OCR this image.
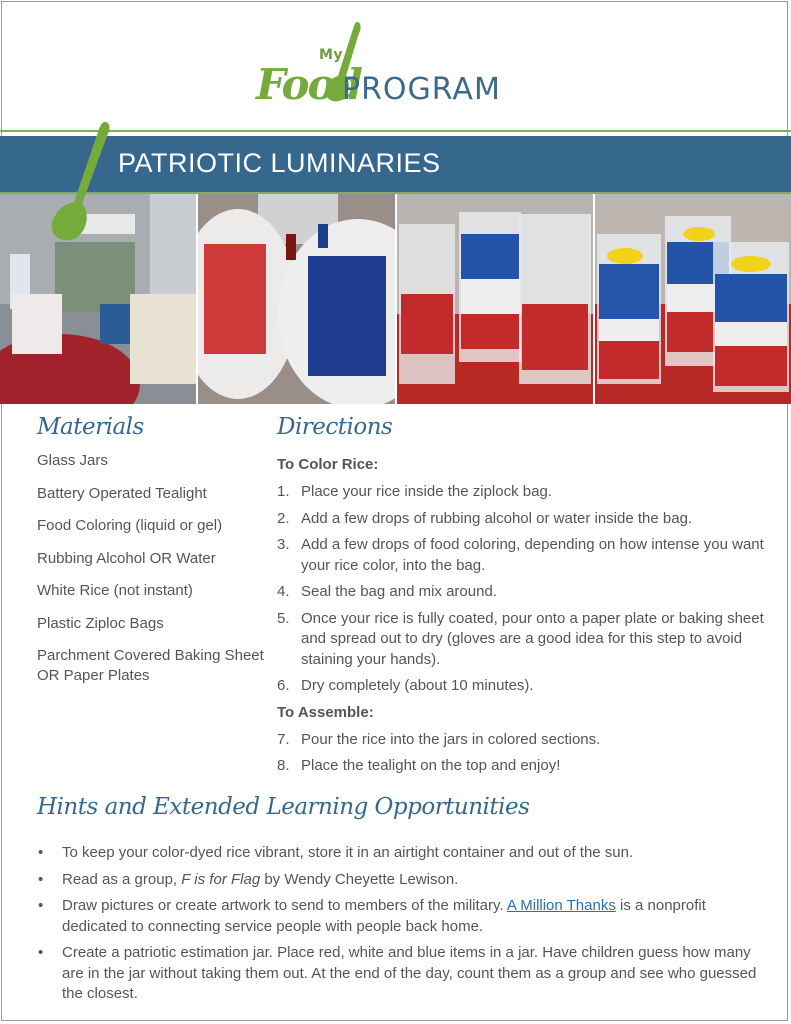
My
Food
PROGRAM
PATRIOTIC LUMINARIES
Materials
Glass Jars
Battery Operated Tealight
Food Coloring (liquid or gel)
Rubbing Alcohol OR Water
White Rice (not instant)
Plastic Ziploc Bags
Parchment Covered Baking Sheet OR Paper Plates
Directions
To Color Rice:
1. Place your rice inside the ziplock bag.
2. Add a few drops of rubbing alcohol or water inside the bag.
3. Add a few drops of food coloring, depending on how intense you want your rice color, into the bag.
4. Seal the bag and mix around.
5. Once your rice is fully coated, pour onto a paper plate or baking sheet and spread out to dry (gloves are a good idea for this step to avoid staining your hands).
6. Dry completely (about 10 minutes).
To Assemble:
7. Pour the rice into the jars in colored sections.
8. Place the tealight on the top and enjoy!
Hints and Extended Learning Opportunities
• To keep your color-dyed rice vibrant, store it in an airtight container and out of the sun.
• Read as a group, F is for Flag by Wendy Cheyette Lewison.
• Draw pictures or create artwork to send to members of the military. A Million Thanks is a nonprofit dedicated to connecting service people with people back home.
• Create a patriotic estimation jar. Place red, white and blue items in a jar. Have children guess how many are in the jar without taking them out. At the end of the day, count them as a group and see who guessed the closest.
